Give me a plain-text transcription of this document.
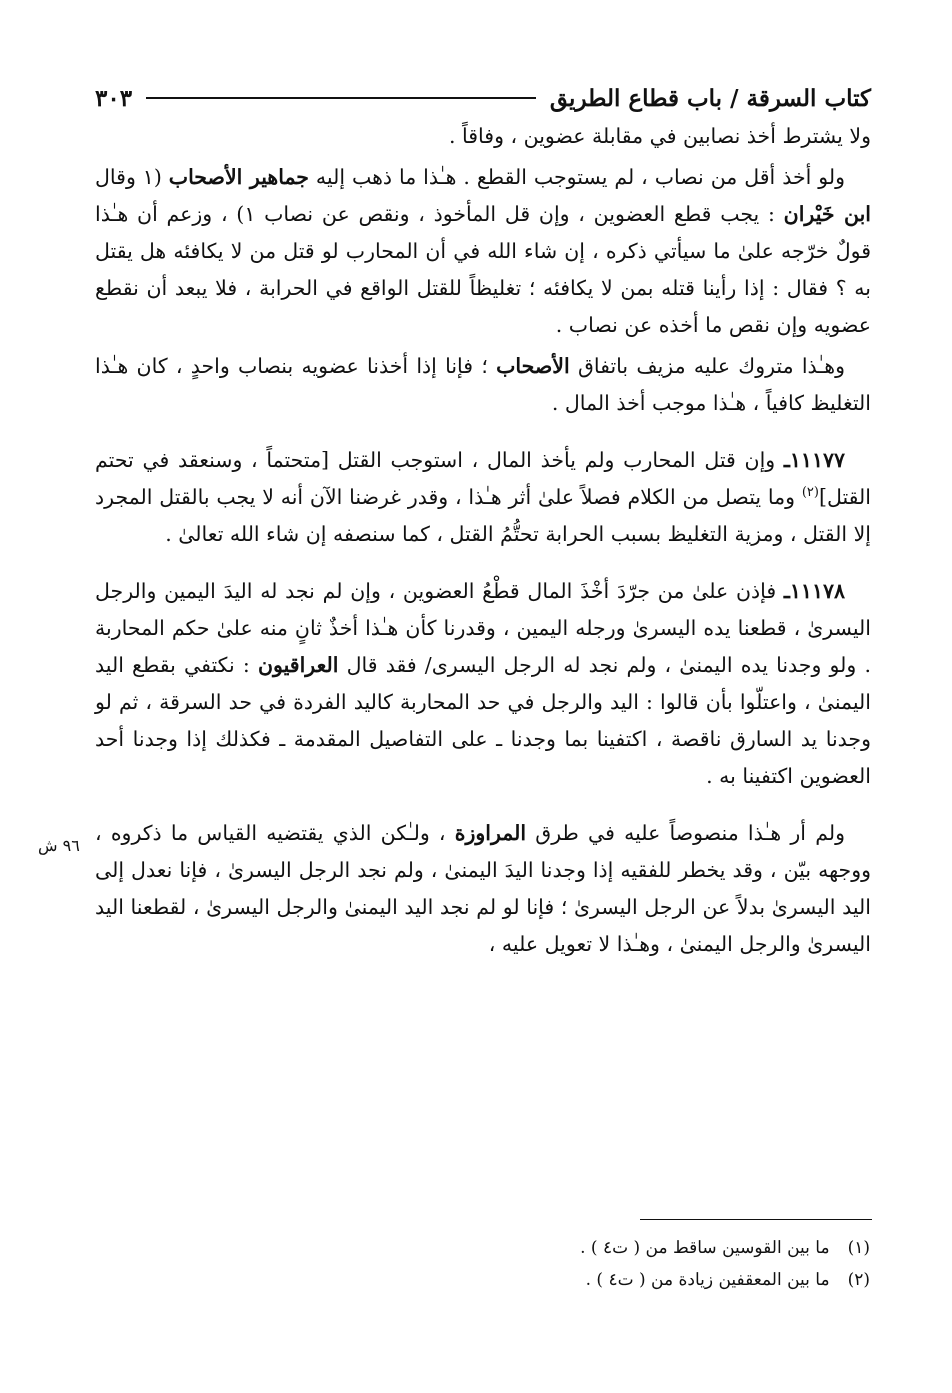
كتاب السرقة / باب قطاع الطريق
٣٠٣

ولا يشترط أخذ نصابين في مقابلة عضوين ، وفاقاً .

ولو أخذ أقل من نصاب ، لم يستوجب القطع . هـٰذا ما ذهب إليه جماهير الأصحاب (١ وقال ابن خَيْران : يجب قطع العضوين ، وإن قل المأخوذ ، ونقص عن نصاب ١) ، وزعم أن هـٰذا قولٌ خرّجه علىٰ ما سيأتي ذكره ، إن شاء الله في أن المحارب لو قتل من لا يكافئه هل يقتل به ؟ فقال : إذا رأينا قتله بمن لا يكافئه ؛ تغليظاً للقتل الواقع في الحرابة ، فلا يبعد أن نقطع عضويه وإن نقص ما أخذه عن نصاب .

وهـٰذا متروك عليه مزيف باتفاق الأصحاب ؛ فإنا إذا أخذنا عضويه بنصاب واحدٍ ، كان هـٰذا التغليظ كافياً ، هـٰذا موجب أخذ المال .

١١١٧٧ـ وإن قتل المحارب ولم يأخذ المال ، استوجب القتل [متحتماً ، وسنعقد في تحتم القتل]$^{(٢)}$ وما يتصل من الكلام فصلاً علىٰ أثر هـٰذا ، وقدر غرضنا الآن أنه لا يجب بالقتل المجرد إلا القتل ، ومزية التغليظ بسبب الحرابة تحتُّمُ القتل ، كما سنصفه إن شاء الله تعالىٰ .

١١١٧٨ـ فإذن علىٰ من جرّدَ أخْذَ المال قطْعُ العضوين ، وإن لم نجد له اليدَ اليمين والرجل اليسرىٰ ، قطعنا يده اليسرىٰ ورجله اليمين ، وقدرنا كأن هـٰذا أخذٌ ثانٍ منه علىٰ حكم المحاربة . ولو وجدنا يده اليمنىٰ ، ولم نجد له الرجل اليسرى/ فقد قال العراقيون : نكتفي بقطع اليد اليمنىٰ ، واعتلّوا بأن قالوا : اليد والرجل في حد المحاربة كاليد الفردة في حد السرقة ، ثم لو وجدنا يد السارق ناقصة ، اكتفينا بما وجدنا ـ على التفاصيل المقدمة ـ فكذلك إذا وجدنا أحد العضوين اكتفينا به .

ولم أر هـٰذا منصوصاً عليه في طرق المراوزة ، ولـٰكن الذي يقتضيه القياس ما ذكروه ، ووجهه بيّن ، وقد يخطر للفقيه إذا وجدنا اليدَ اليمنىٰ ، ولم نجد الرجل اليسرىٰ ، فإنا نعدل إلى اليد اليسرىٰ بدلاً عن الرجل اليسرىٰ ؛ فإنا لو لم نجد اليد اليمنىٰ والرجل اليسرىٰ ، لقطعنا اليد اليسرىٰ والرجل اليمنىٰ ، وهـٰذا لا تعويل عليه ،

٩٦ ش
(١)ما بين القوسين ساقط من ( ت٤ ) .
(٢)ما بين المعقفين زيادة من ( ت٤ ) .
